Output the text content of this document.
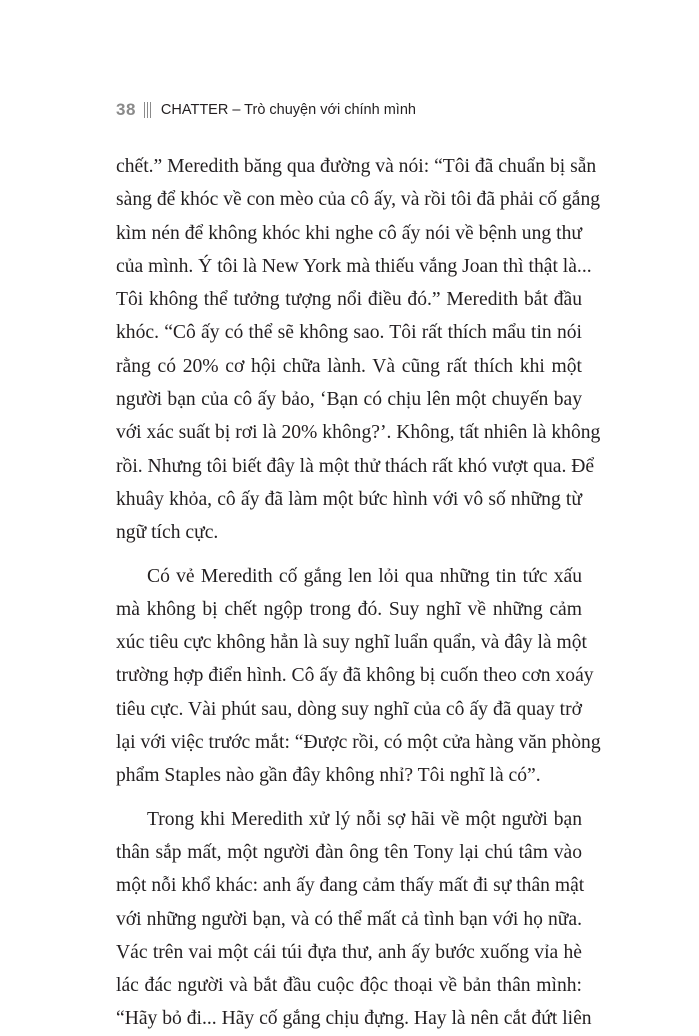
38 CHATTER – Trò chuyện với chính mình
chết.” Meredith băng qua đường và nói: “Tôi đã chuẩn bị sẵn
sàng để khóc về con mèo của cô ấy, và rồi tôi đã phải cố gắng
kìm nén để không khóc khi nghe cô ấy nói về bệnh ung thư
của mình. Ý tôi là New York mà thiếu vắng Joan thì thật là...
Tôi không thể tưởng tượng nổi điều đó.” Meredith bắt đầu
khóc. “Cô ấy có thể sẽ không sao. Tôi rất thích mẩu tin nói
rằng có 20% cơ hội chữa lành. Và cũng rất thích khi một
người bạn của cô ấy bảo, ‘Bạn có chịu lên một chuyến bay
với xác suất bị rơi là 20% không?’. Không, tất nhiên là không
rồi. Nhưng tôi biết đây là một thử thách rất khó vượt qua. Để
khuây khỏa, cô ấy đã làm một bức hình với vô số những từ
ngữ tích cực.
Có vẻ Meredith cố gắng len lỏi qua những tin tức xấu
mà không bị chết ngộp trong đó. Suy nghĩ về những cảm
xúc tiêu cực không hẳn là suy nghĩ luẩn quẩn, và đây là một
trường hợp điển hình. Cô ấy đã không bị cuốn theo cơn xoáy
tiêu cực. Vài phút sau, dòng suy nghĩ của cô ấy đã quay trở
lại với việc trước mắt: “Được rồi, có một cửa hàng văn phòng
phẩm Staples nào gần đây không nhỉ? Tôi nghĩ là có”.
Trong khi Meredith xử lý nỗi sợ hãi về một người bạn
thân sắp mất, một người đàn ông tên Tony lại chú tâm vào
một nỗi khổ khác: anh ấy đang cảm thấy mất đi sự thân mật
với những người bạn, và có thể mất cả tình bạn với họ nữa.
Vác trên vai một cái túi đựa thư, anh ấy bước xuống vỉa hè
lác đác người và bắt đầu cuộc độc thoại về bản thân mình:
“Hãy bỏ đi... Hãy cố gắng chịu đựng. Hay là nên cắt đứt liên
